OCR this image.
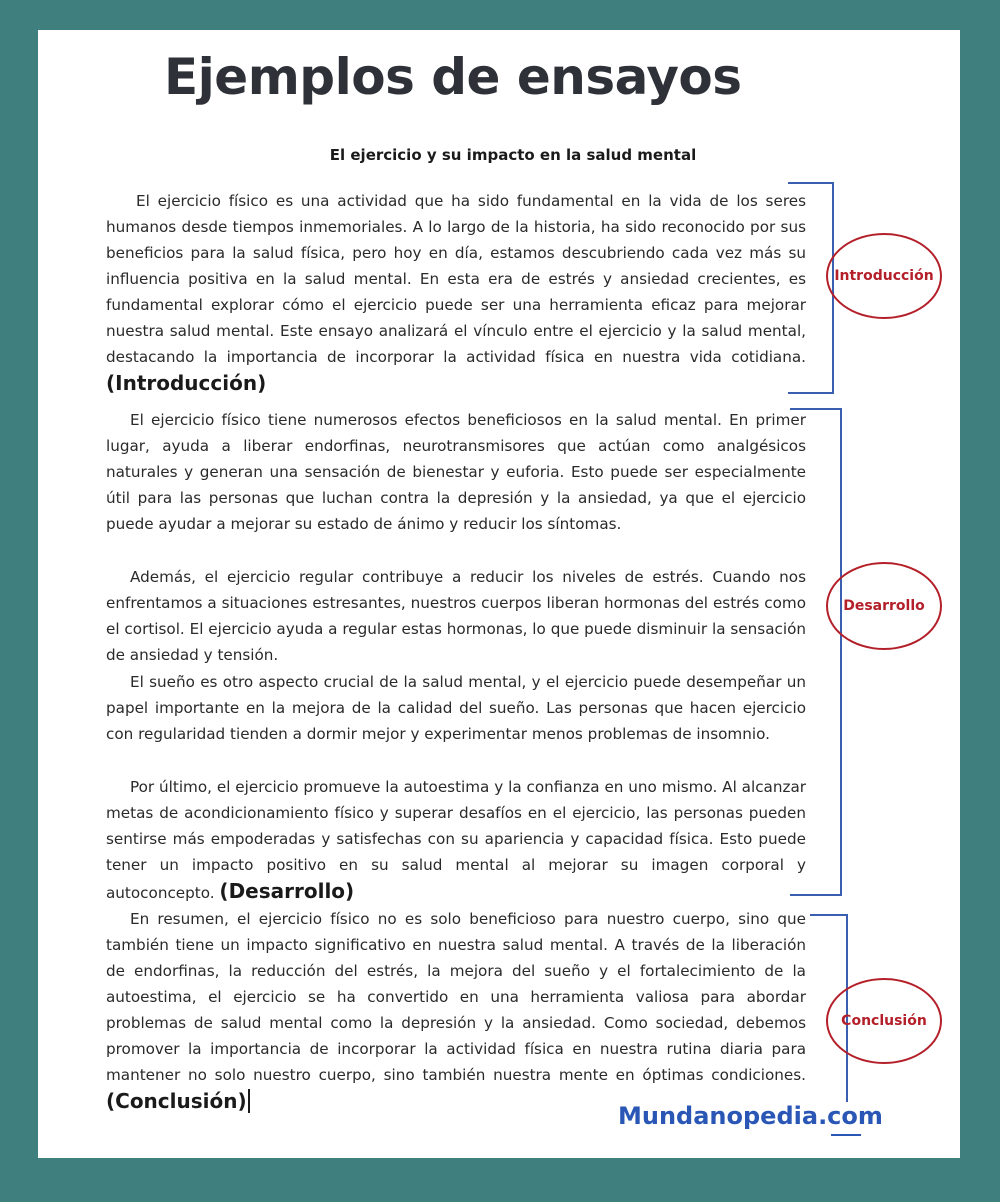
Ejemplos de ensayos

El ejercicio y su impacto en la salud mental

El ejercicio físico es una actividad que ha sido fundamental en la vida de los seres humanos desde tiempos inmemoriales. A lo largo de la historia, ha sido reconocido por sus beneficios para la salud física, pero hoy en día, estamos descubriendo cada vez más su influencia positiva en la salud mental. En esta era de estrés y ansiedad crecientes, es fundamental explorar cómo el ejercicio puede ser una herramienta eficaz para mejorar nuestra salud mental. Este ensayo analizará el vínculo entre el ejercicio y la salud mental, destacando la importancia de incorporar la actividad física en nuestra vida cotidiana. (Introducción)

El ejercicio físico tiene numerosos efectos beneficiosos en la salud mental. En primer lugar, ayuda a liberar endorfinas, neurotransmisores que actúan como analgésicos naturales y generan una sensación de bienestar y euforia. Esto puede ser especialmente útil para las personas que luchan contra la depresión y la ansiedad, ya que el ejercicio puede ayudar a mejorar su estado de ánimo y reducir los síntomas.

Además, el ejercicio regular contribuye a reducir los niveles de estrés. Cuando nos enfrentamos a situaciones estresantes, nuestros cuerpos liberan hormonas del estrés como el cortisol. El ejercicio ayuda a regular estas hormonas, lo que puede disminuir la sensación de ansiedad y tensión.

El sueño es otro aspecto crucial de la salud mental, y el ejercicio puede desempeñar un papel importante en la mejora de la calidad del sueño. Las personas que hacen ejercicio con regularidad tienden a dormir mejor y experimentar menos problemas de insomnio.

Por último, el ejercicio promueve la autoestima y la confianza en uno mismo. Al alcanzar metas de acondicionamiento físico y superar desafíos en el ejercicio, las personas pueden sentirse más empoderadas y satisfechas con su apariencia y capacidad física. Esto puede tener un impacto positivo en su salud mental al mejorar su imagen corporal y autoconcepto. (Desarrollo)

En resumen, el ejercicio físico no es solo beneficioso para nuestro cuerpo, sino que también tiene un impacto significativo en nuestra salud mental. A través de la liberación de endorfinas, la reducción del estrés, la mejora del sueño y el fortalecimiento de la autoestima, el ejercicio se ha convertido en una herramienta valiosa para abordar problemas de salud mental como la depresión y la ansiedad. Como sociedad, debemos promover la importancia de incorporar la actividad física en nuestra rutina diaria para mantener no solo nuestro cuerpo, sino también nuestra mente en óptimas condiciones. (Conclusión)

Introducción
Desarrollo
Conclusión
Mundanopedia.com
